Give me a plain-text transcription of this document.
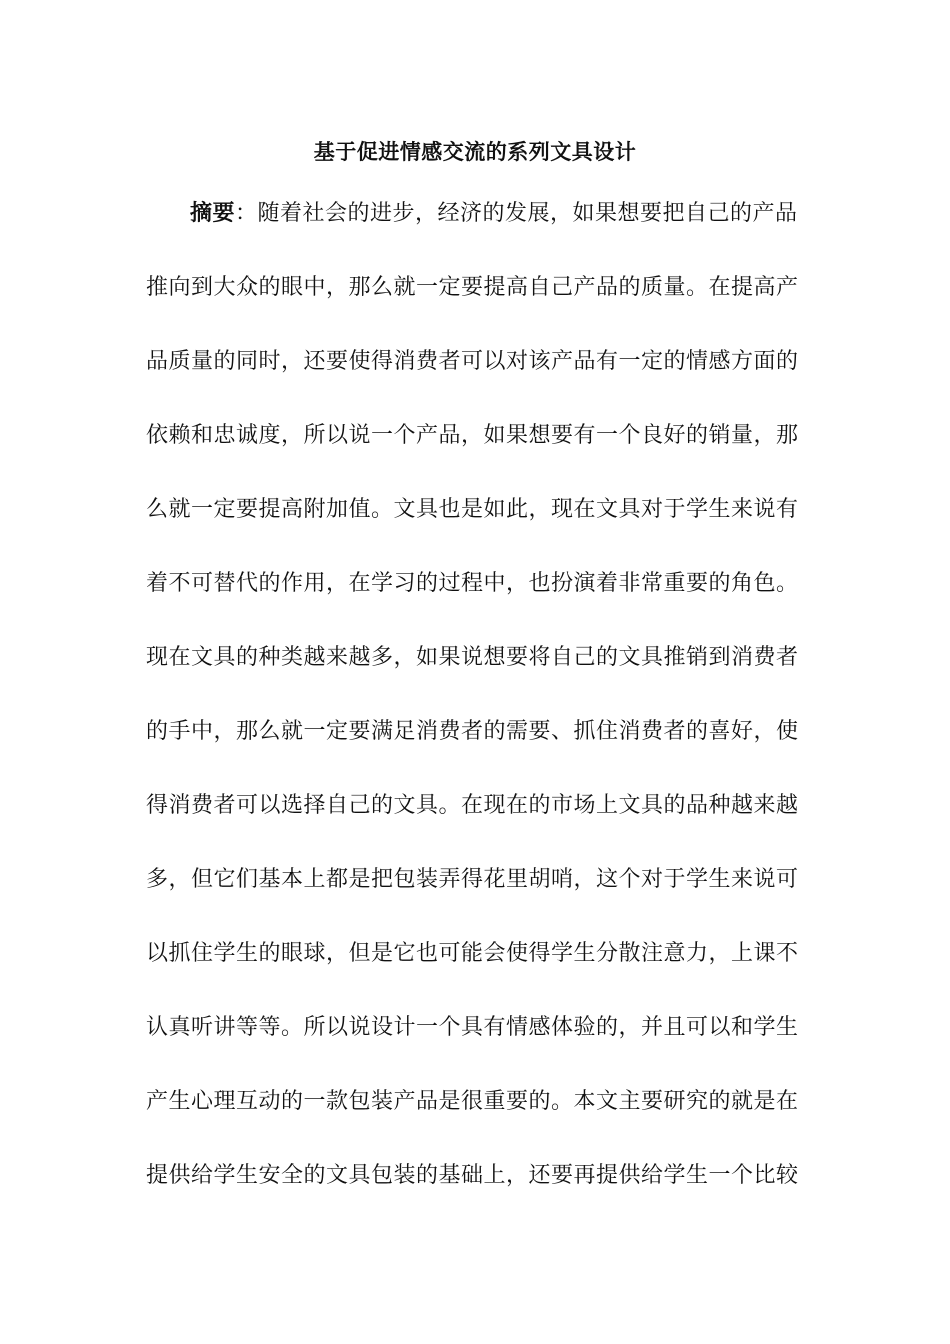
基于促进情感交流的系列文具设计
摘要：随着社会的进步，经济的发展，如果想要把自己的产品
推向到大众的眼中，那么就一定要提高自己产品的质量。在提高产
品质量的同时，还要使得消费者可以对该产品有一定的情感方面的
依赖和忠诚度，所以说一个产品，如果想要有一个良好的销量，那
么就一定要提高附加值。文具也是如此，现在文具对于学生来说有
着不可替代的作用，在学习的过程中，也扮演着非常重要的角色。
现在文具的种类越来越多，如果说想要将自己的文具推销到消费者
的手中，那么就一定要满足消费者的需要、抓住消费者的喜好，使
得消费者可以选择自己的文具。在现在的市场上文具的品种越来越
多，但它们基本上都是把包装弄得花里胡哨，这个对于学生来说可
以抓住学生的眼球，但是它也可能会使得学生分散注意力，上课不
认真听讲等等。所以说设计一个具有情感体验的，并且可以和学生
产生心理互动的一款包装产品是很重要的。本文主要研究的就是在
提供给学生安全的文具包装的基础上，还要再提供给学生一个比较
